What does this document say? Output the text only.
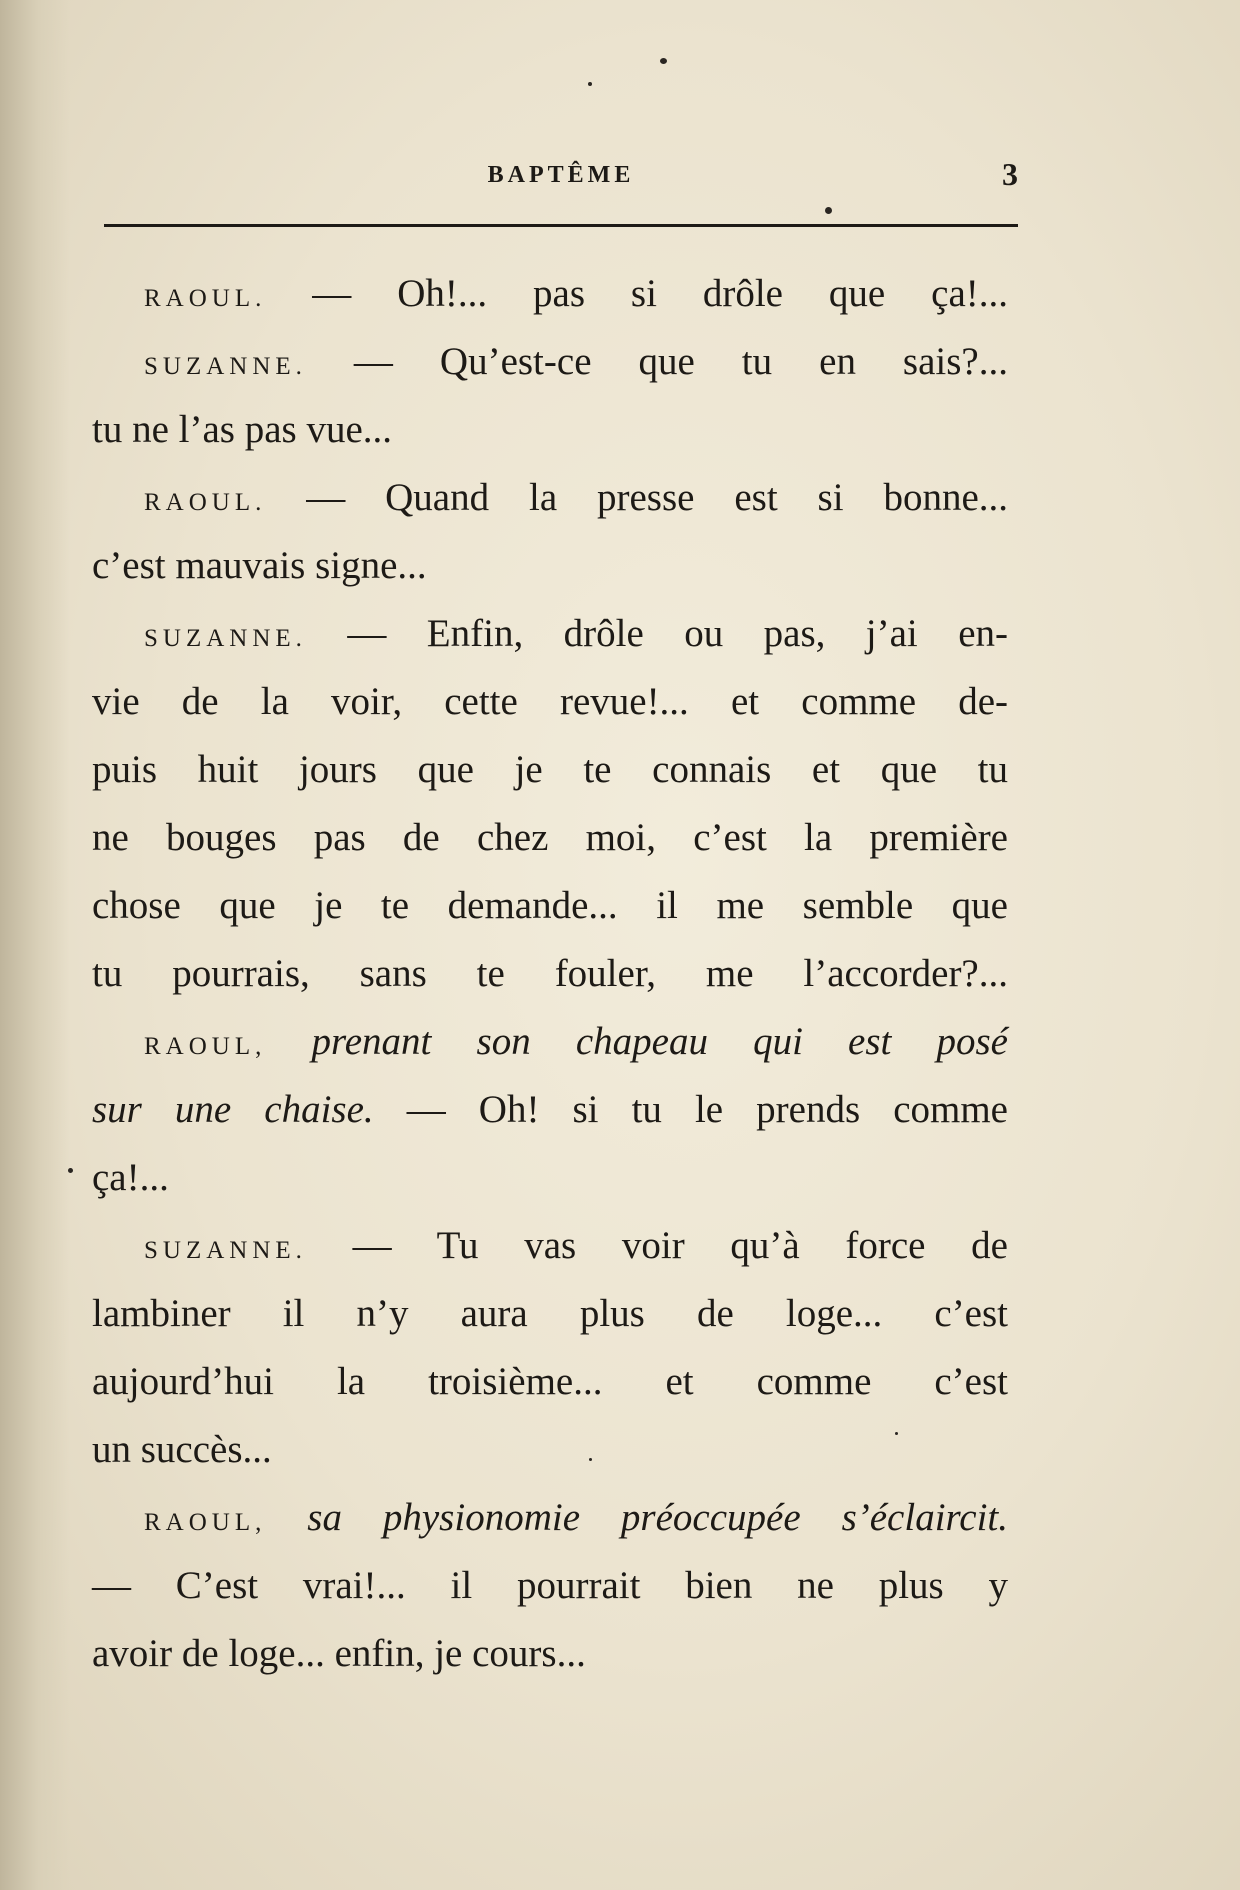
BAPTÊME	3
RAOUL. — Oh!... pas si drôle que ça!...
SUZANNE. — Qu’est-ce que tu en sais?...
tu ne l’as pas vue...
RAOUL. — Quand la presse est si bonne...
c’est mauvais signe...
SUZANNE. — Enfin, drôle ou pas, j’ai en-
vie de la voir, cette revue!... et comme de-
puis huit jours que je te connais et que tu
ne bouges pas de chez moi, c’est la première
chose que je te demande... il me semble que
tu pourrais, sans te fouler, me l’accorder?...
RAOUL, prenant son chapeau qui est posé
sur une chaise. — Oh! si tu le prends comme
ça!...
SUZANNE. — Tu vas voir qu’à force de
lambiner il n’y aura plus de loge... c’est
aujourd’hui la troisième... et comme c’est
un succès...
RAOUL, sa physionomie préoccupée s’éclaircit.
— C’est vrai!... il pourrait bien ne plus y
avoir de loge... enfin, je cours...
